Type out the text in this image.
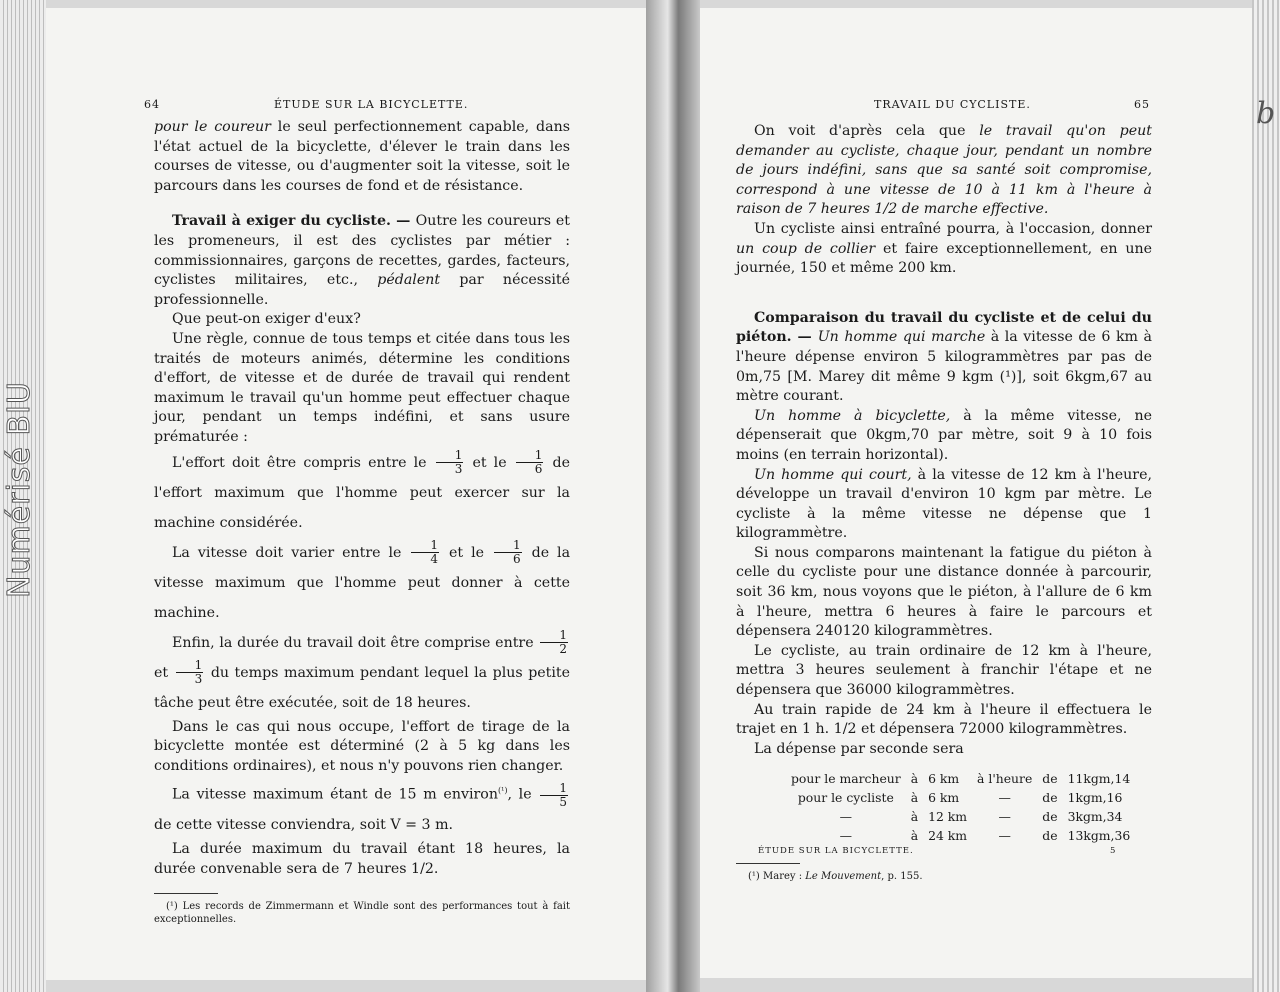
Numérisé BIU
64	ÉTUDE SUR LA BICYCLETTE.

pour le coureur le seul perfectionnement capable, dans l'état actuel de la bicyclette, d'élever le train dans les courses de vitesse, ou d'augmenter soit la vitesse, soit le parcours dans les courses de fond et de résistance.

Travail à exiger du cycliste. — Outre les coureurs et les promeneurs, il est des cyclistes par métier : commissionnaires, garçons de recettes, gardes, facteurs, cyclistes militaires, etc., pédalent par nécessité professionnelle.

Que peut-on exiger d'eux?

Une règle, connue de tous temps et citée dans tous les traités de moteurs animés, détermine les conditions d'effort, de vitesse et de durée de travail qui rendent maximum le travail qu'un homme peut effectuer chaque jour, pendant un temps indéfini, et sans usure prématurée :

L'effort doit être compris entre le $\frac{1}{3}$ et le $\frac{1}{6}$ de l'effort maximum que l'homme peut exercer sur la machine considérée.

La vitesse doit varier entre le $\frac{1}{4}$ et le $\frac{1}{6}$ de la vitesse maximum que l'homme peut donner à cette machine.

Enfin, la durée du travail doit être comprise entre $\frac{1}{2}$
et $\frac{1}{3}$ du temps maximum pendant lequel la plus petite tâche peut être exécutée, soit de 18 heures.

Dans le cas qui nous occupe, l'effort de tirage de la bicyclette montée est déterminé (2 à 5 kg dans les conditions ordinaires), et nous n'y pouvons rien changer.

La vitesse maximum étant de 15 m environ$^{(^1)}$, le $\frac{1}{5}$
de cette vitesse conviendra, soit V = 3 m.

La durée maximum du travail étant 18 heures, la durée convenable sera de 7 heures 1/2.

(¹) Les records de Zimmermann et Windle sont des performances tout à fait exceptionnelles.
TRAVAIL DU CYCLISTE.	65

On voit d'après cela que le travail qu'on peut demander au cycliste, chaque jour, pendant un nombre de jours indéfini, sans que sa santé soit compromise, correspond à une vitesse de 10 à 11 km à l'heure à raison de 7 heures 1/2 de marche effective.

Un cycliste ainsi entraîné pourra, à l'occasion, donner un coup de collier et faire exceptionnellement, en une journée, 150 et même 200 km.

Comparaison du travail du cycliste et de celui du piéton. — Un homme qui marche à la vitesse de 6 km à l'heure dépense environ 5 kilogrammètres par pas de 0m,75 [M. Marey dit même 9 kgm (¹)], soit 6kgm,67 au mètre courant.

Un homme à bicyclette, à la même vitesse, ne dépenserait que 0kgm,70 par mètre, soit 9 à 10 fois moins (en terrain horizontal).

Un homme qui court, à la vitesse de 12 km à l'heure, développe un travail d'environ 10 kgm par mètre. Le cycliste à la même vitesse ne dépense que 1 kilogrammètre.

Si nous comparons maintenant la fatigue du piéton à celle du cycliste pour une distance donnée à parcourir, soit 36 km, nous voyons que le piéton, à l'allure de 6 km à l'heure, mettra 6 heures à faire le parcours et dépensera 240120 kilogrammètres.

Le cycliste, au train ordinaire de 12 km à l'heure, mettra 3 heures seulement à franchir l'étape et ne dépensera que 36000 kilogrammètres.

Au train rapide de 24 km à l'heure il effectuera le trajet en 1 h. 1/2 et dépensera 72000 kilogrammètres.

La dépense par seconde sera

pour le marcheur	à	6 km	à l'heure	de	11kgm,14
pour le cycliste	à	6 km	—	de	1kgm,16
—	à	12 km	—	de	3kgm,34
—	à	24 km	—	de	13kgm,36
(¹) Marey : Le Mouvement, p. 155.
ÉTUDE SUR LA BICYCLETTE.	5
b
